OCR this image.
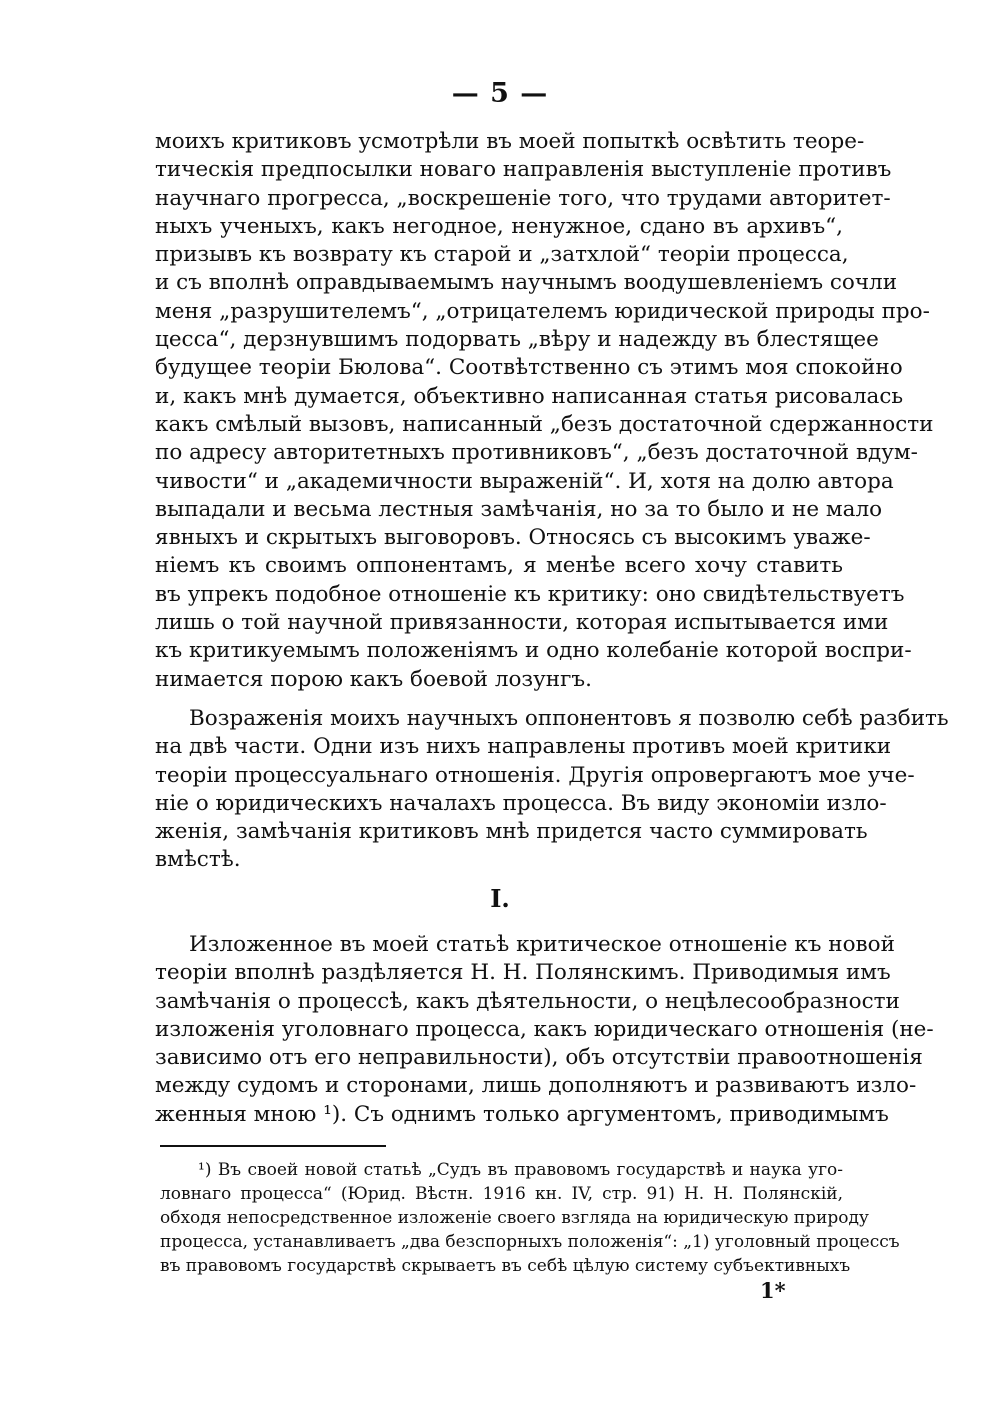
— 5 —
моихъ критиковъ усмотрѣли въ моей попыткѣ освѣтить теоре-
тическія предпосылки новаго направленія выступленіе противъ
научнаго прогресса, „воскрешеніе того, что трудами авторитет-
ныхъ ученыхъ, какъ негодное, ненужное, сдано въ архивъ“,
призывъ къ возврату къ старой и „затхлой“ теоріи процесса,
и съ вполнѣ оправдываемымъ научнымъ воодушевленіемъ сочли
меня „разрушителемъ“, „отрицателемъ юридической природы про-
цесса“, дерзнувшимъ подорвать „вѣру и надежду въ блестящее
будущее теоріи Бюлова“. Соотвѣтственно съ этимъ моя спокойно
и, какъ мнѣ думается, объективно написанная статья рисовалась
какъ смѣлый вызовъ, написанный „безъ достаточной сдержанности
по адресу авторитетныхъ противниковъ“, „безъ достаточной вдум-
чивости“ и „академичности выраженій“. И, хотя на долю автора
выпадали и весьма лестныя замѣчанія, но за то было и не мало
явныхъ и скрытыхъ выговоровъ. Относясь съ высокимъ уваже-
ніемъ къ своимъ оппонентамъ, я менѣе всего хочу ставить
въ упрекъ подобное отношеніе къ критику: оно свидѣтельствуетъ
лишь о той научной привязанности, которая испытывается ими
къ критикуемымъ положеніямъ и одно колебаніе которой воспри-
нимается порою какъ боевой лозунгъ.
Возраженія моихъ научныхъ оппонентовъ я позволю себѣ разбить
на двѣ части. Одни изъ нихъ направлены противъ моей критики
теоріи процессуальнаго отношенія. Другія опровергаютъ мое уче-
ніе о юридическихъ началахъ процесса. Въ виду экономіи изло-
женія, замѣчанія критиковъ мнѣ придется часто суммировать
вмѣстѣ.
I.
Изложенное въ моей статьѣ критическое отношеніе къ новой
теоріи вполнѣ раздѣляется Н. Н. Полянскимъ. Приводимыя имъ
замѣчанія о процессѣ, какъ дѣятельности, о нецѣлесообразности
изложенія уголовнаго процесса, какъ юридическаго отношенія (не-
зависимо отъ его неправильности), объ отсутствіи правоотношенія
между судомъ и сторонами, лишь дополняютъ и развиваютъ изло-
женныя мною ¹). Съ однимъ только аргументомъ, приводимымъ
¹) Въ своей новой статьѣ „Судъ въ правовомъ государствѣ и наука уго-
ловнаго процесса“ (Юрид. Вѣстн. 1916 кн. IV, стр. 91) Н. Н. Полянскій,
обходя непосредственное изложеніе своего взгляда на юридическую природу
процесса, устанавливаетъ „два безспорныхъ положенія“: „1) уголовный процессъ
въ правовомъ государствѣ скрываетъ въ себѣ цѣлую систему субъективныхъ
1*
